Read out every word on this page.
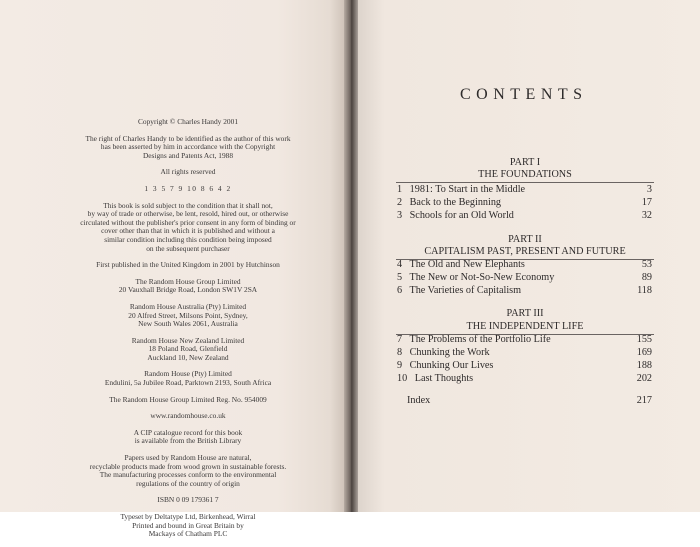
Copyright © Charles Handy 2001

The right of Charles Handy to be identified as the author of this work

has been asserted by him in accordance with the Copyright

Designs and Patents Act, 1988

All rights reserved

1 3 5 7 9 10 8 6 4 2

This book is sold subject to the condition that it shall not,

by way of trade or otherwise, be lent, resold, hired out, or otherwise

circulated without the publisher's prior consent in any form of binding or

cover other than that in which it is published and without a

similar condition including this condition being imposed

on the subsequent purchaser

First published in the United Kingdom in 2001 by Hutchinson

The Random House Group Limited

20 Vauxhall Bridge Road, London SW1V 2SA

Random House Australia (Pty) Limited

20 Alfred Street, Milsons Point, Sydney,

New South Wales 2061, Australia

Random House New Zealand Limited

18 Poland Road, Glenfield

Auckland 10, New Zealand

Random House (Pty) Limited

Endulini, 5a Jubilee Road, Parktown 2193, South Africa

The Random House Group Limited Reg. No. 954009

www.randomhouse.co.uk

A CIP catalogue record for this book

is available from the British Library

Papers used by Random House are natural,

recyclable products made from wood grown in sustainable forests.

The manufacturing processes conform to the environmental

regulations of the country of origin

ISBN 0 09 179361 7

Typeset by Deltatype Ltd, Birkenhead, Wirral

Printed and bound in Great Britain by

Mackays of Chatham PLC

CONTENTS
PART I
THE FOUNDATIONS
1 1981: To Start in the Middle	3
2 Back to the Beginning	17
3 Schools for an Old World	32
PART II
CAPITALISM PAST, PRESENT AND FUTURE
4 The Old and New Elephants	53
5 The New or Not-So-New Economy	89
6 The Varieties of Capitalism	118
PART III
THE INDEPENDENT LIFE
7 The Problems of the Portfolio Life	155
8 Chunking the Work	169
9 Chunking Our Lives	188
10 Last Thoughts	202
Index	217
